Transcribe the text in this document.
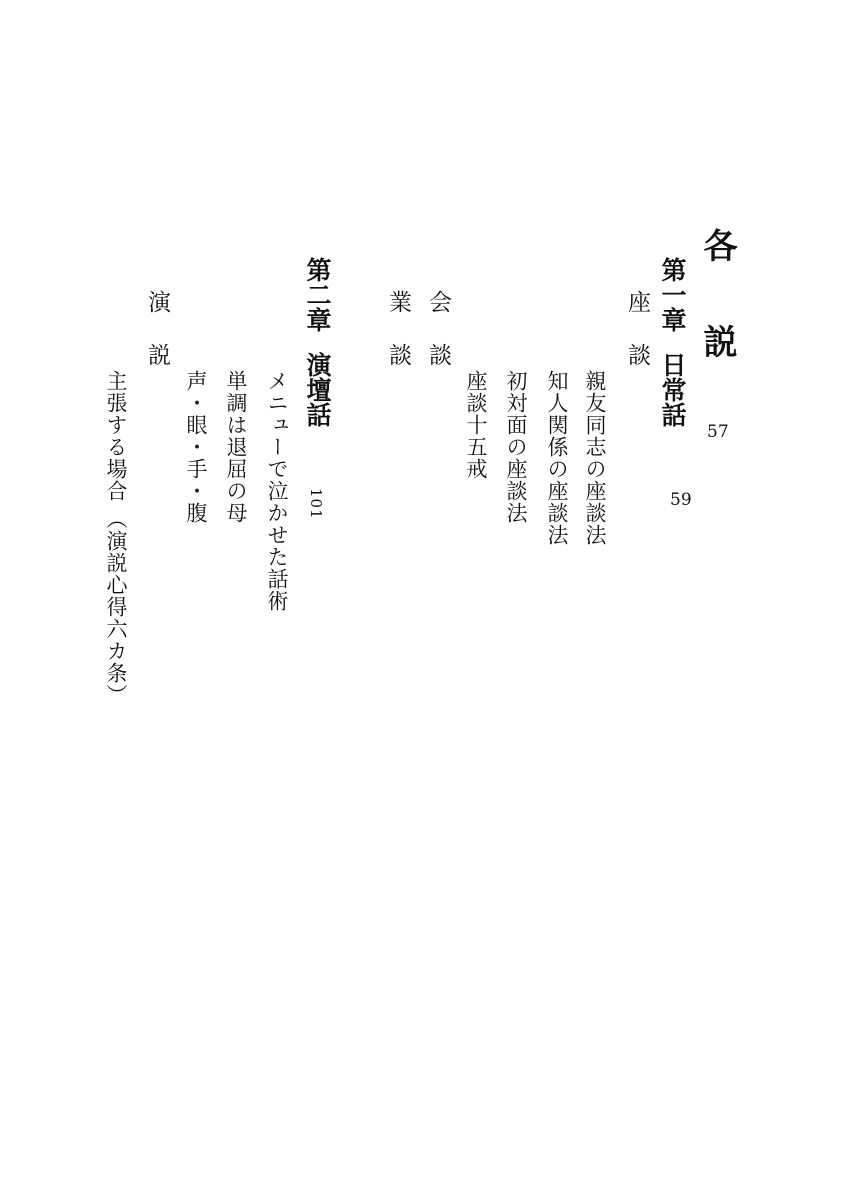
各説
57
第一章日常話
59
座談
親友同志の座談法
知人関係の座談法
初対面の座談法
座談十五戒
会談
業談
第二章演壇話
101
メニューで泣かせた話術
単調は退屈の母
声・眼・手・腹
演説
主張する場合（演説心得六カ条）
